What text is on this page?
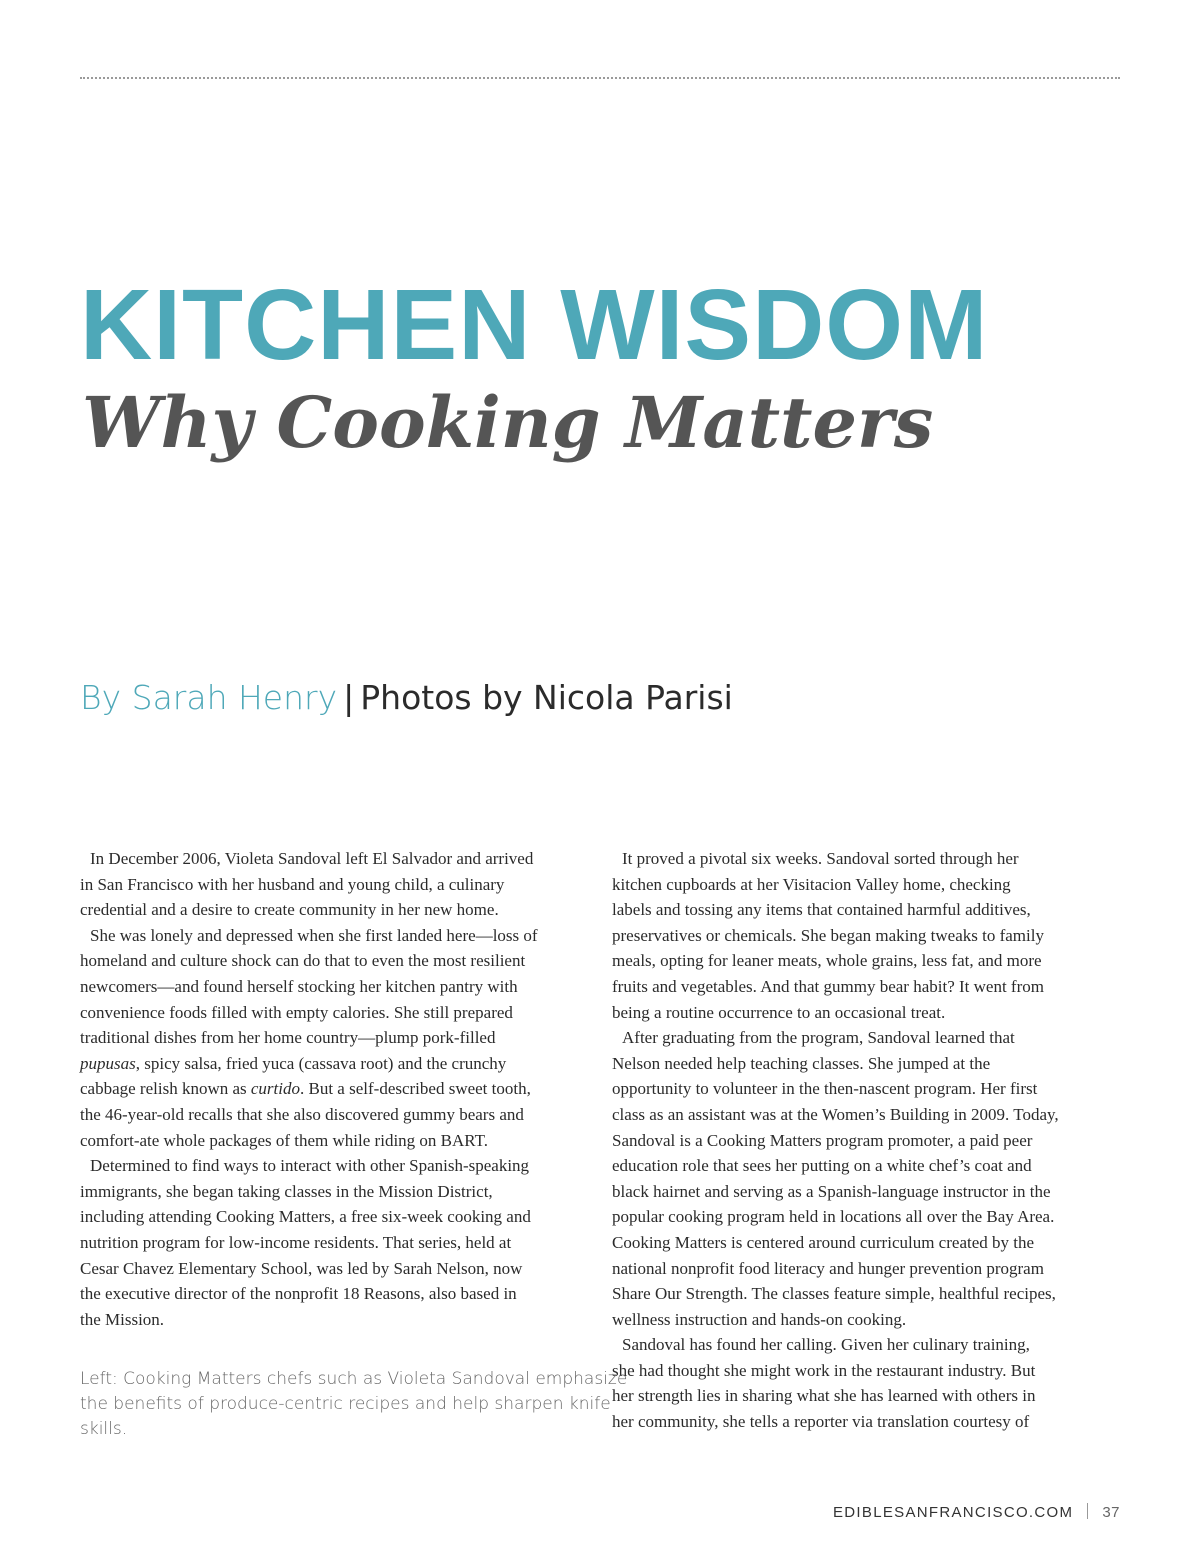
KITCHEN WISDOM
Why Cooking Matters
By Sarah Henry | Photos by Nicola Parisi

In December 2006, Violeta Sandoval left El Salvador and arrived
in San Francisco with her husband and young child, a culinary
credential and a desire to create community in her new home.

She was lonely and depressed when she first landed here—loss of
homeland and culture shock can do that to even the most resilient
newcomers—and found herself stocking her kitchen pantry with
convenience foods filled with empty calories. She still prepared
traditional dishes from her home country—plump pork-filled
pupusas, spicy salsa, fried yuca (cassava root) and the crunchy
cabbage relish known as curtido. But a self-described sweet tooth,
the 46-year-old recalls that she also discovered gummy bears and
comfort-ate whole packages of them while riding on BART.

Determined to find ways to interact with other Spanish-speaking
immigrants, she began taking classes in the Mission District,
including attending Cooking Matters, a free six-week cooking and
nutrition program for low-income residents. That series, held at
Cesar Chavez Elementary School, was led by Sarah Nelson, now
the executive director of the nonprofit 18 Reasons, also based in
the Mission.

It proved a pivotal six weeks. Sandoval sorted through her
kitchen cupboards at her Visitacion Valley home, checking
labels and tossing any items that contained harmful additives,
preservatives or chemicals. She began making tweaks to family
meals, opting for leaner meats, whole grains, less fat, and more
fruits and vegetables. And that gummy bear habit? It went from
being a routine occurrence to an occasional treat.

After graduating from the program, Sandoval learned that
Nelson needed help teaching classes. She jumped at the
opportunity to volunteer in the then-nascent program. Her first
class as an assistant was at the Women’s Building in 2009. Today,
Sandoval is a Cooking Matters program promoter, a paid peer
education role that sees her putting on a white chef’s coat and
black hairnet and serving as a Spanish-language instructor in the
popular cooking program held in locations all over the Bay Area.
Cooking Matters is centered around curriculum created by the
national nonprofit food literacy and hunger prevention program
Share Our Strength. The classes feature simple, healthful recipes,
wellness instruction and hands-on cooking.

Sandoval has found her calling. Given her culinary training,
she had thought she might work in the restaurant industry. But
her strength lies in sharing what she has learned with others in
her community, she tells a reporter via translation courtesy of

Left: Cooking Matters chefs such as Violeta Sandoval emphasize
the benefits of produce-centric recipes and help sharpen knife
skills.
EDIBLESANFRANCISCO.COM 37
